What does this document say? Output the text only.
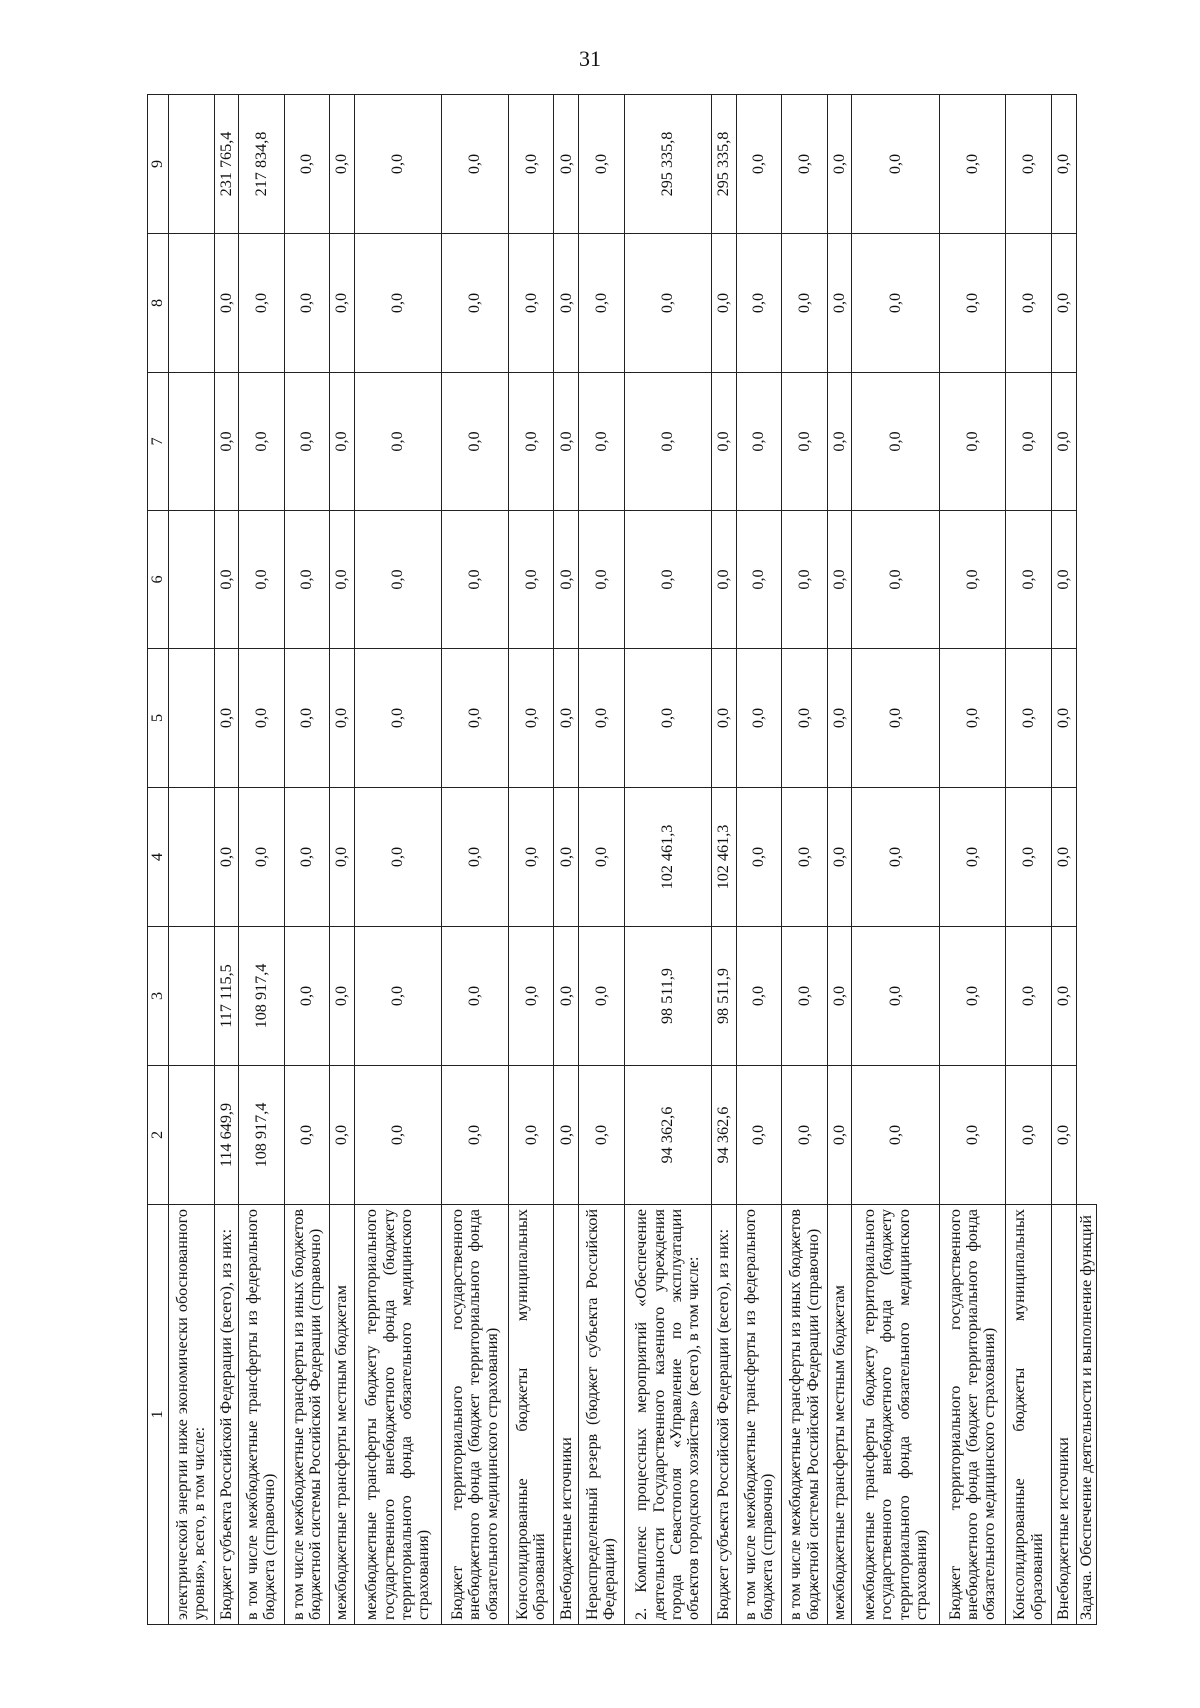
31
1	2	3	4	5	6	7	8	9
электрической энергии ниже экономически обоснованного уровня», всего, в том числе:								
Бюджет субъекта Российской Федерации (всего), из них:	114 649,9	117 115,5	0,0	0,0	0,0	0,0	0,0	231 765,4
в том числе межбюджетные трансферты из федерального бюджета (справочно)	108 917,4	108 917,4	0,0	0,0	0,0	0,0	0,0	217 834,8
в том числе межбюджетные трансферты из иных бюджетов бюджетной системы Российской Федерации (справочно)	0,0	0,0	0,0	0,0	0,0	0,0	0,0	0,0
межбюджетные трансферты местным бюджетам	0,0	0,0	0,0	0,0	0,0	0,0	0,0	0,0
межбюджетные трансферты бюджету территориального государственного внебюджетного фонда (бюджету территориального фонда обязательного медицинского страхования)	0,0	0,0	0,0	0,0	0,0	0,0	0,0	0,0
Бюджет территориального государственного внебюджетного фонда (бюджет территориального фонда обязательного медицинского страхования)	0,0	0,0	0,0	0,0	0,0	0,0	0,0	0,0
Консолидированные бюджеты муниципальных образований	0,0	0,0	0,0	0,0	0,0	0,0	0,0	0,0
Внебюджетные источники	0,0	0,0	0,0	0,0	0,0	0,0	0,0	0,0
Нераспределенный резерв (бюджет субъекта Российской Федерации)	0,0	0,0	0,0	0,0	0,0	0,0	0,0	0,0
2. Комплекс процессных мероприятий «Обеспечение деятельности Государственного казенного учреждения города Севастополя «Управление по эксплуатации объектов городского хозяйства» (всего), в том числе:	94 362,6	98 511,9	102 461,3	0,0	0,0	0,0	0,0	295 335,8
Бюджет субъекта Российской Федерации (всего), из них:	94 362,6	98 511,9	102 461,3	0,0	0,0	0,0	0,0	295 335,8
в том числе межбюджетные трансферты из федерального бюджета (справочно)	0,0	0,0	0,0	0,0	0,0	0,0	0,0	0,0
в том числе межбюджетные трансферты из иных бюджетов бюджетной системы Российской Федерации (справочно)	0,0	0,0	0,0	0,0	0,0	0,0	0,0	0,0
межбюджетные трансферты местным бюджетам	0,0	0,0	0,0	0,0	0,0	0,0	0,0	0,0
межбюджетные трансферты бюджету территориального государственного внебюджетного фонда (бюджету территориального фонда обязательного медицинского страхования)	0,0	0,0	0,0	0,0	0,0	0,0	0,0	0,0
Бюджет территориального государственного внебюджетного фонда (бюджет территориального фонда обязательного медицинского страхования)	0,0	0,0	0,0	0,0	0,0	0,0	0,0	0,0
Консолидированные бюджеты муниципальных образований	0,0	0,0	0,0	0,0	0,0	0,0	0,0	0,0
Внебюджетные источники	0,0	0,0	0,0	0,0	0,0	0,0	0,0	0,0
Задача. Обеспечение деятельности и выполнение функций								
